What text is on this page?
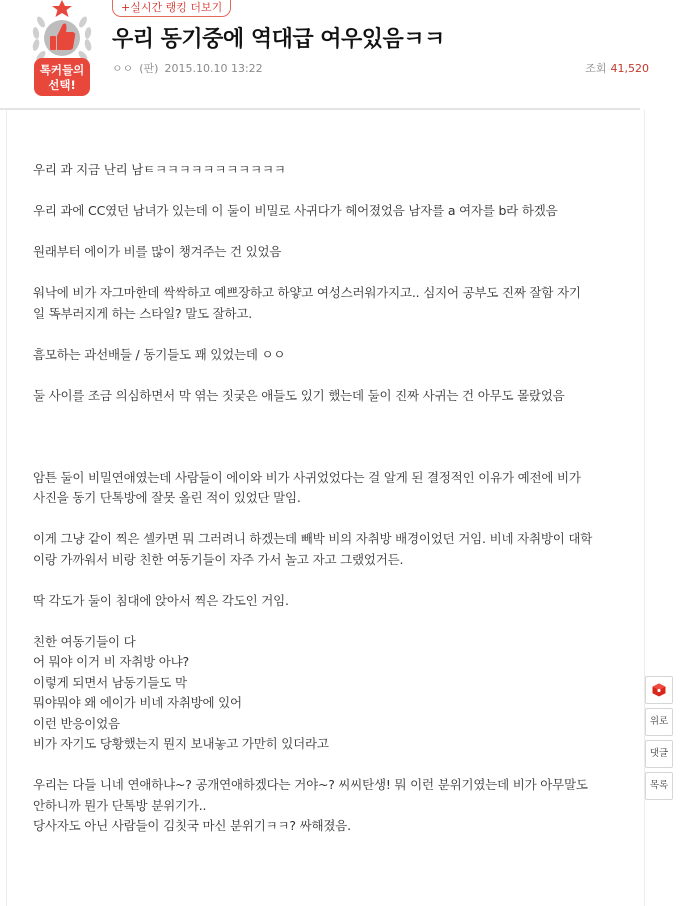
톡커들의
선택!
+실시간 랭킹 더보기
우리 동기중에 역대급 여우있음ㅋㅋ
ㅇㅇ (판) 2015.10.10 13:22	조회 41,520

우리 과 지금 난리 남ㅌㅋㅋㅋㅋㅋㅋㅋㅋㅋㅋㅋ

우리 과에 CC였던 남녀가 있는데 이 둘이 비밀로 사귀다가 헤어졌었음 남자를 a 여자를 b라 하겠음

원래부터 에이가 비를 많이 챙겨주는 건 있었음

워낙에 비가 자그마한데 싹싹하고 예쁘장하고 하얗고 여성스러워가지고.. 심지어 공부도 진짜 잘함 자기

일 똑부러지게 하는 스타일? 말도 잘하고.

흠모하는 과선배들 / 동기들도 꽤 있었는데 ㅇㅇ

둘 사이를 조금 의심하면서 막 엮는 짓궂은 애들도 있기 했는데 둘이 진짜 사귀는 건 아무도 몰랐었음

암튼 둘이 비밀연애였는데 사람들이 에이와 비가 사귀었었다는 걸 알게 된 결정적인 이유가 예전에 비가

사진을 동기 단톡방에 잘못 올린 적이 있었단 말임.

이게 그냥 같이 찍은 셀카면 뭐 그러려니 하겠는데 빼박 비의 자취방 배경이었던 거임. 비네 자취방이 대학

이랑 가까워서 비랑 친한 여동기들이 자주 가서 놀고 자고 그랬었거든.

딱 각도가 둘이 침대에 앉아서 찍은 각도인 거임.

친한 여동기들이 다

어 뭐야 이거 비 자취방 아냐?

이렇게 되면서 남동기들도 막

뭐야뭐야 왜 에이가 비네 자취방에 있어

이런 반응이었음

비가 자기도 당황했는지 뭔지 보내놓고 가만히 있더라고

우리는 다들 니네 연애하냐~? 공개연애하겠다는 거야~? 씨씨탄생! 뭐 이런 분위기였는데 비가 아무말도

안하니까 뭔가 단톡방 분위기가..

당사자도 아닌 사람들이 김칫국 마신 분위기ㅋㅋ? 싸해졌음.

위로
댓글
목록
